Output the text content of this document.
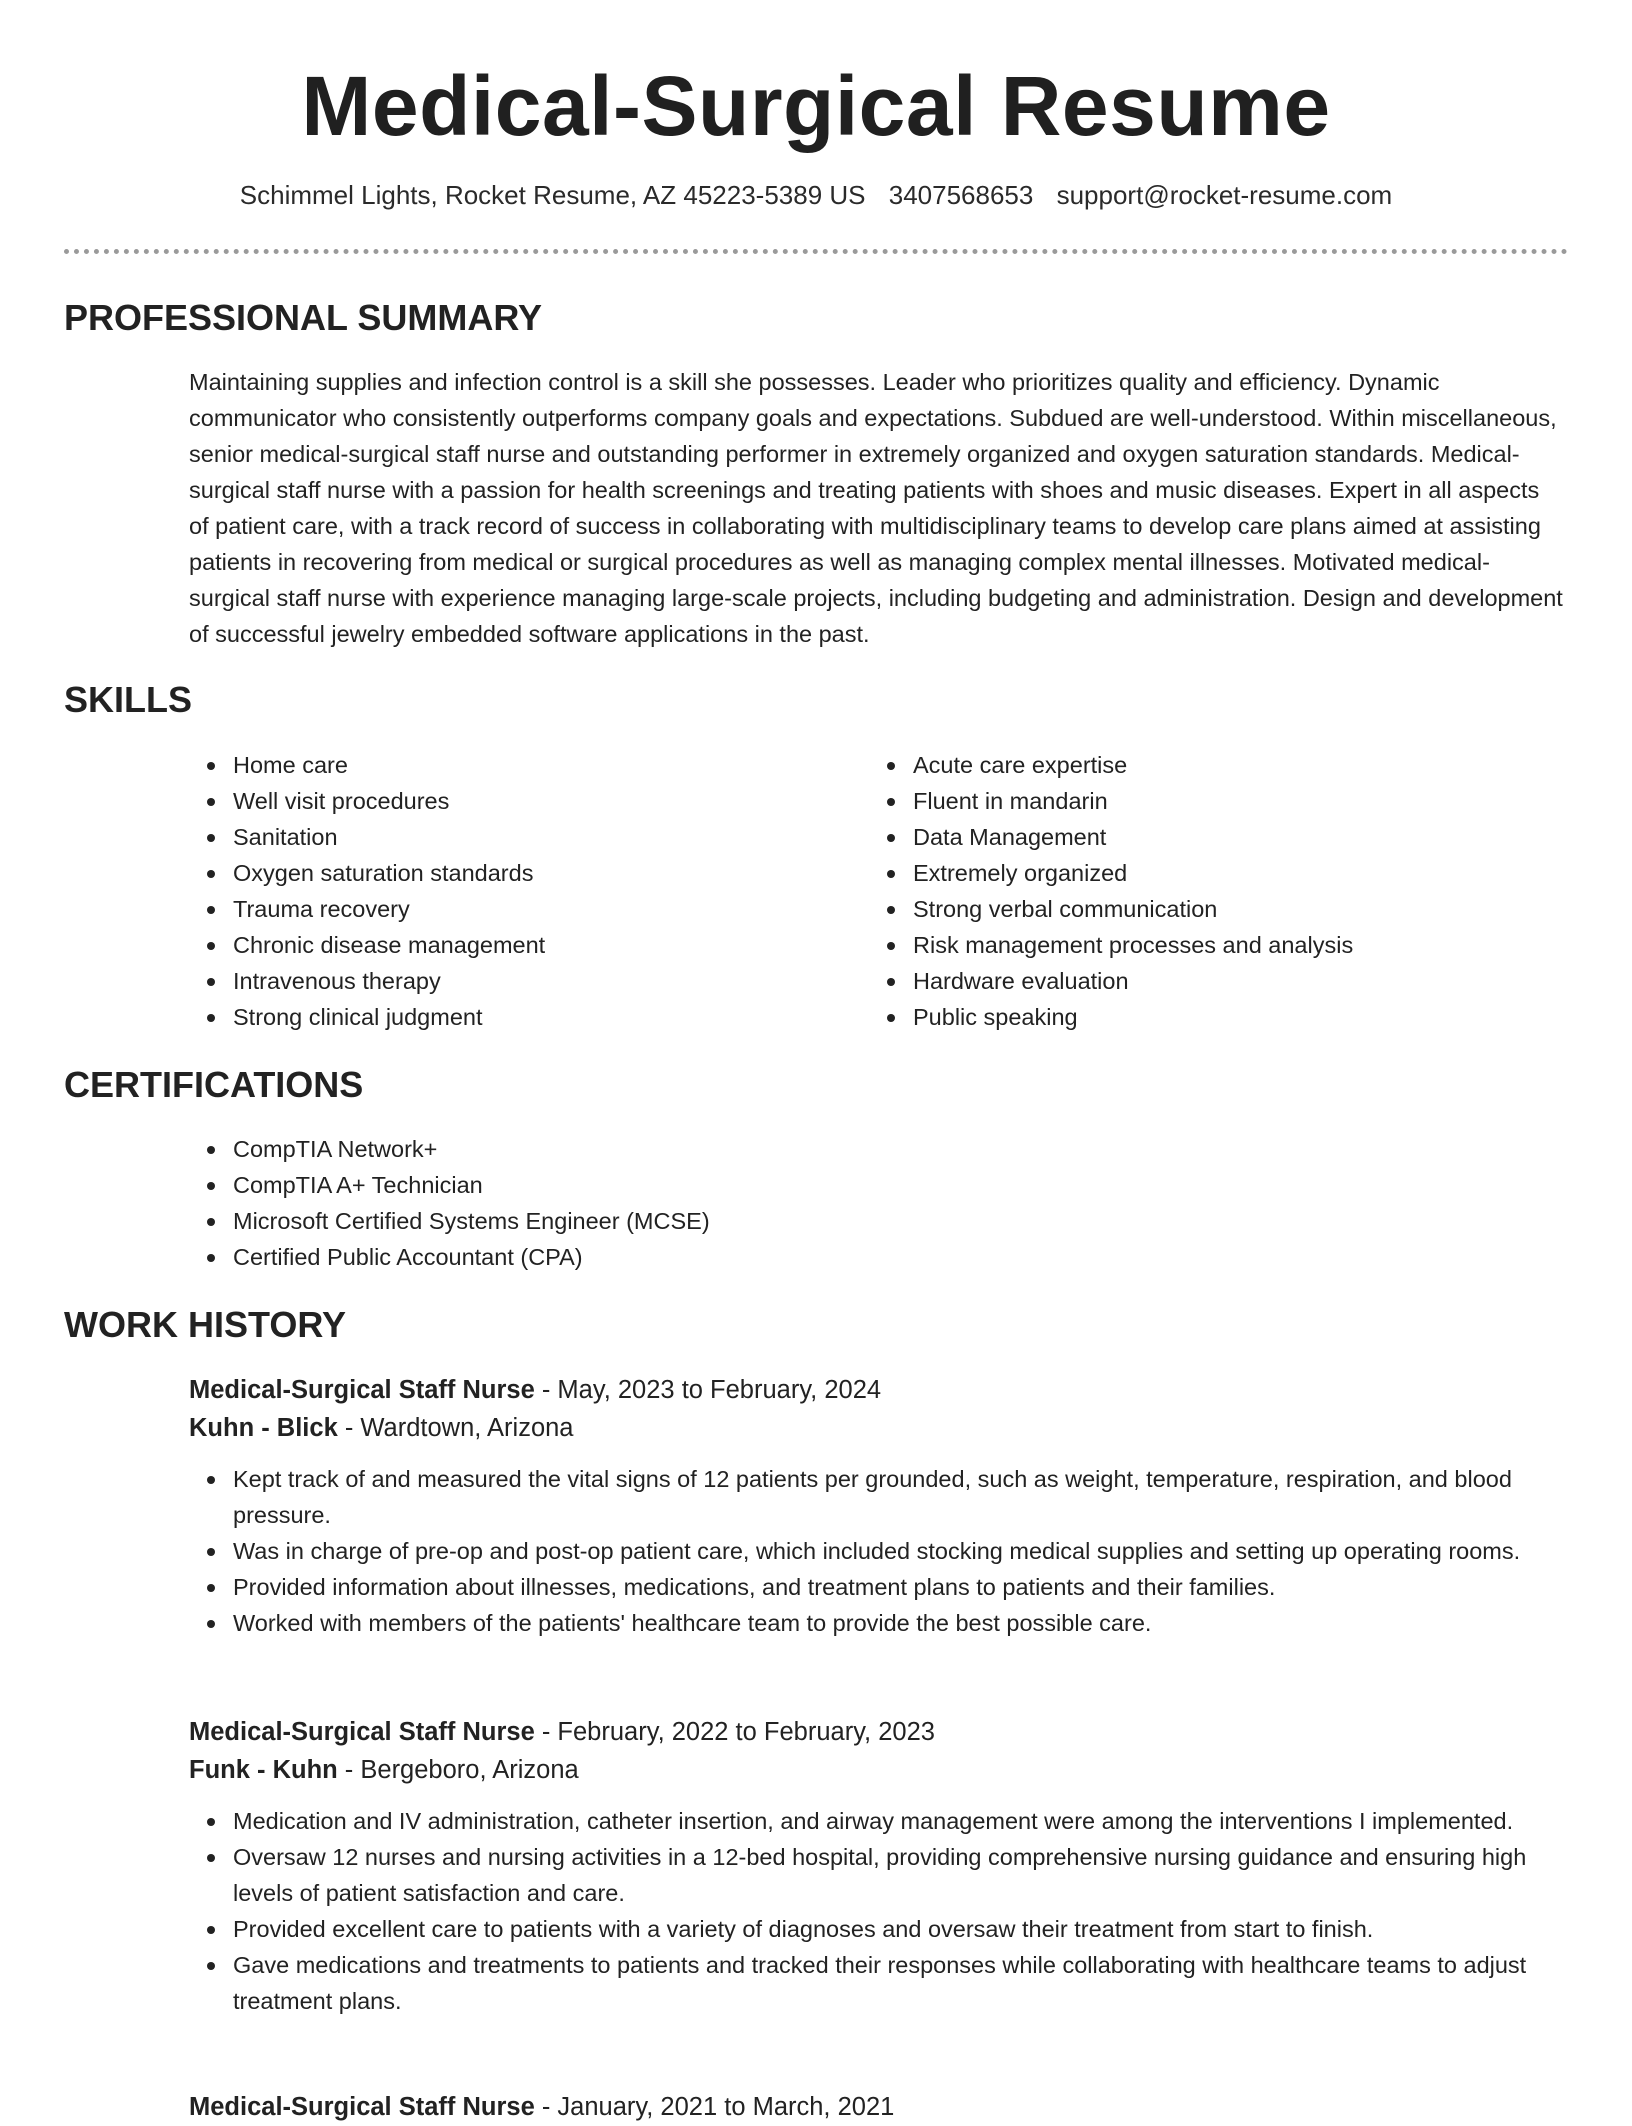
Medical-Surgical Resume
Schimmel Lights, Rocket Resume, AZ 45223-5389 US 3407568653 support@rocket-resume.com
PROFESSIONAL SUMMARY

Maintaining supplies and infection control is a skill she possesses. Leader who prioritizes quality and efficiency. Dynamic communicator who consistently outperforms company goals and expectations. Subdued are well-understood. Within miscellaneous, senior medical-surgical staff nurse and outstanding performer in extremely organized and oxygen saturation standards. Medical-surgical staff nurse with a passion for health screenings and treating patients with shoes and music diseases. Expert in all aspects of patient care, with a track record of success in collaborating with multidisciplinary teams to develop care plans aimed at assisting patients in recovering from medical or surgical procedures as well as managing complex mental illnesses. Motivated medical-surgical staff nurse with experience managing large-scale projects, including budgeting and administration. Design and development of successful jewelry embedded software applications in the past.

SKILLS
Home care
Well visit procedures
Sanitation
Oxygen saturation standards
Trauma recovery
Chronic disease management
Intravenous therapy
Strong clinical judgment
Acute care expertise
Fluent in mandarin
Data Management
Extremely organized
Strong verbal communication
Risk management processes and analysis
Hardware evaluation
Public speaking
CERTIFICATIONS
CompTIA Network+
CompTIA A+ Technician
Microsoft Certified Systems Engineer (MCSE)
Certified Public Accountant (CPA)
WORK HISTORY
Medical-Surgical Staff Nurse - May, 2023 to February, 2024
Kuhn - Blick - Wardtown, Arizona
Kept track of and measured the vital signs of 12 patients per grounded, such as weight, temperature, respiration, and blood pressure.
Was in charge of pre-op and post-op patient care, which included stocking medical supplies and setting up operating rooms.
Provided information about illnesses, medications, and treatment plans to patients and their families.
Worked with members of the patients' healthcare team to provide the best possible care.
Medical-Surgical Staff Nurse - February, 2022 to February, 2023
Funk - Kuhn - Bergeboro, Arizona
Medication and IV administration, catheter insertion, and airway management were among the interventions I implemented.
Oversaw 12 nurses and nursing activities in a 12-bed hospital, providing comprehensive nursing guidance and ensuring high levels of patient satisfaction and care.
Provided excellent care to patients with a variety of diagnoses and oversaw their treatment from start to finish.
Gave medications and treatments to patients and tracked their responses while collaborating with healthcare teams to adjust treatment plans.
Medical-Surgical Staff Nurse - January, 2021 to March, 2021
